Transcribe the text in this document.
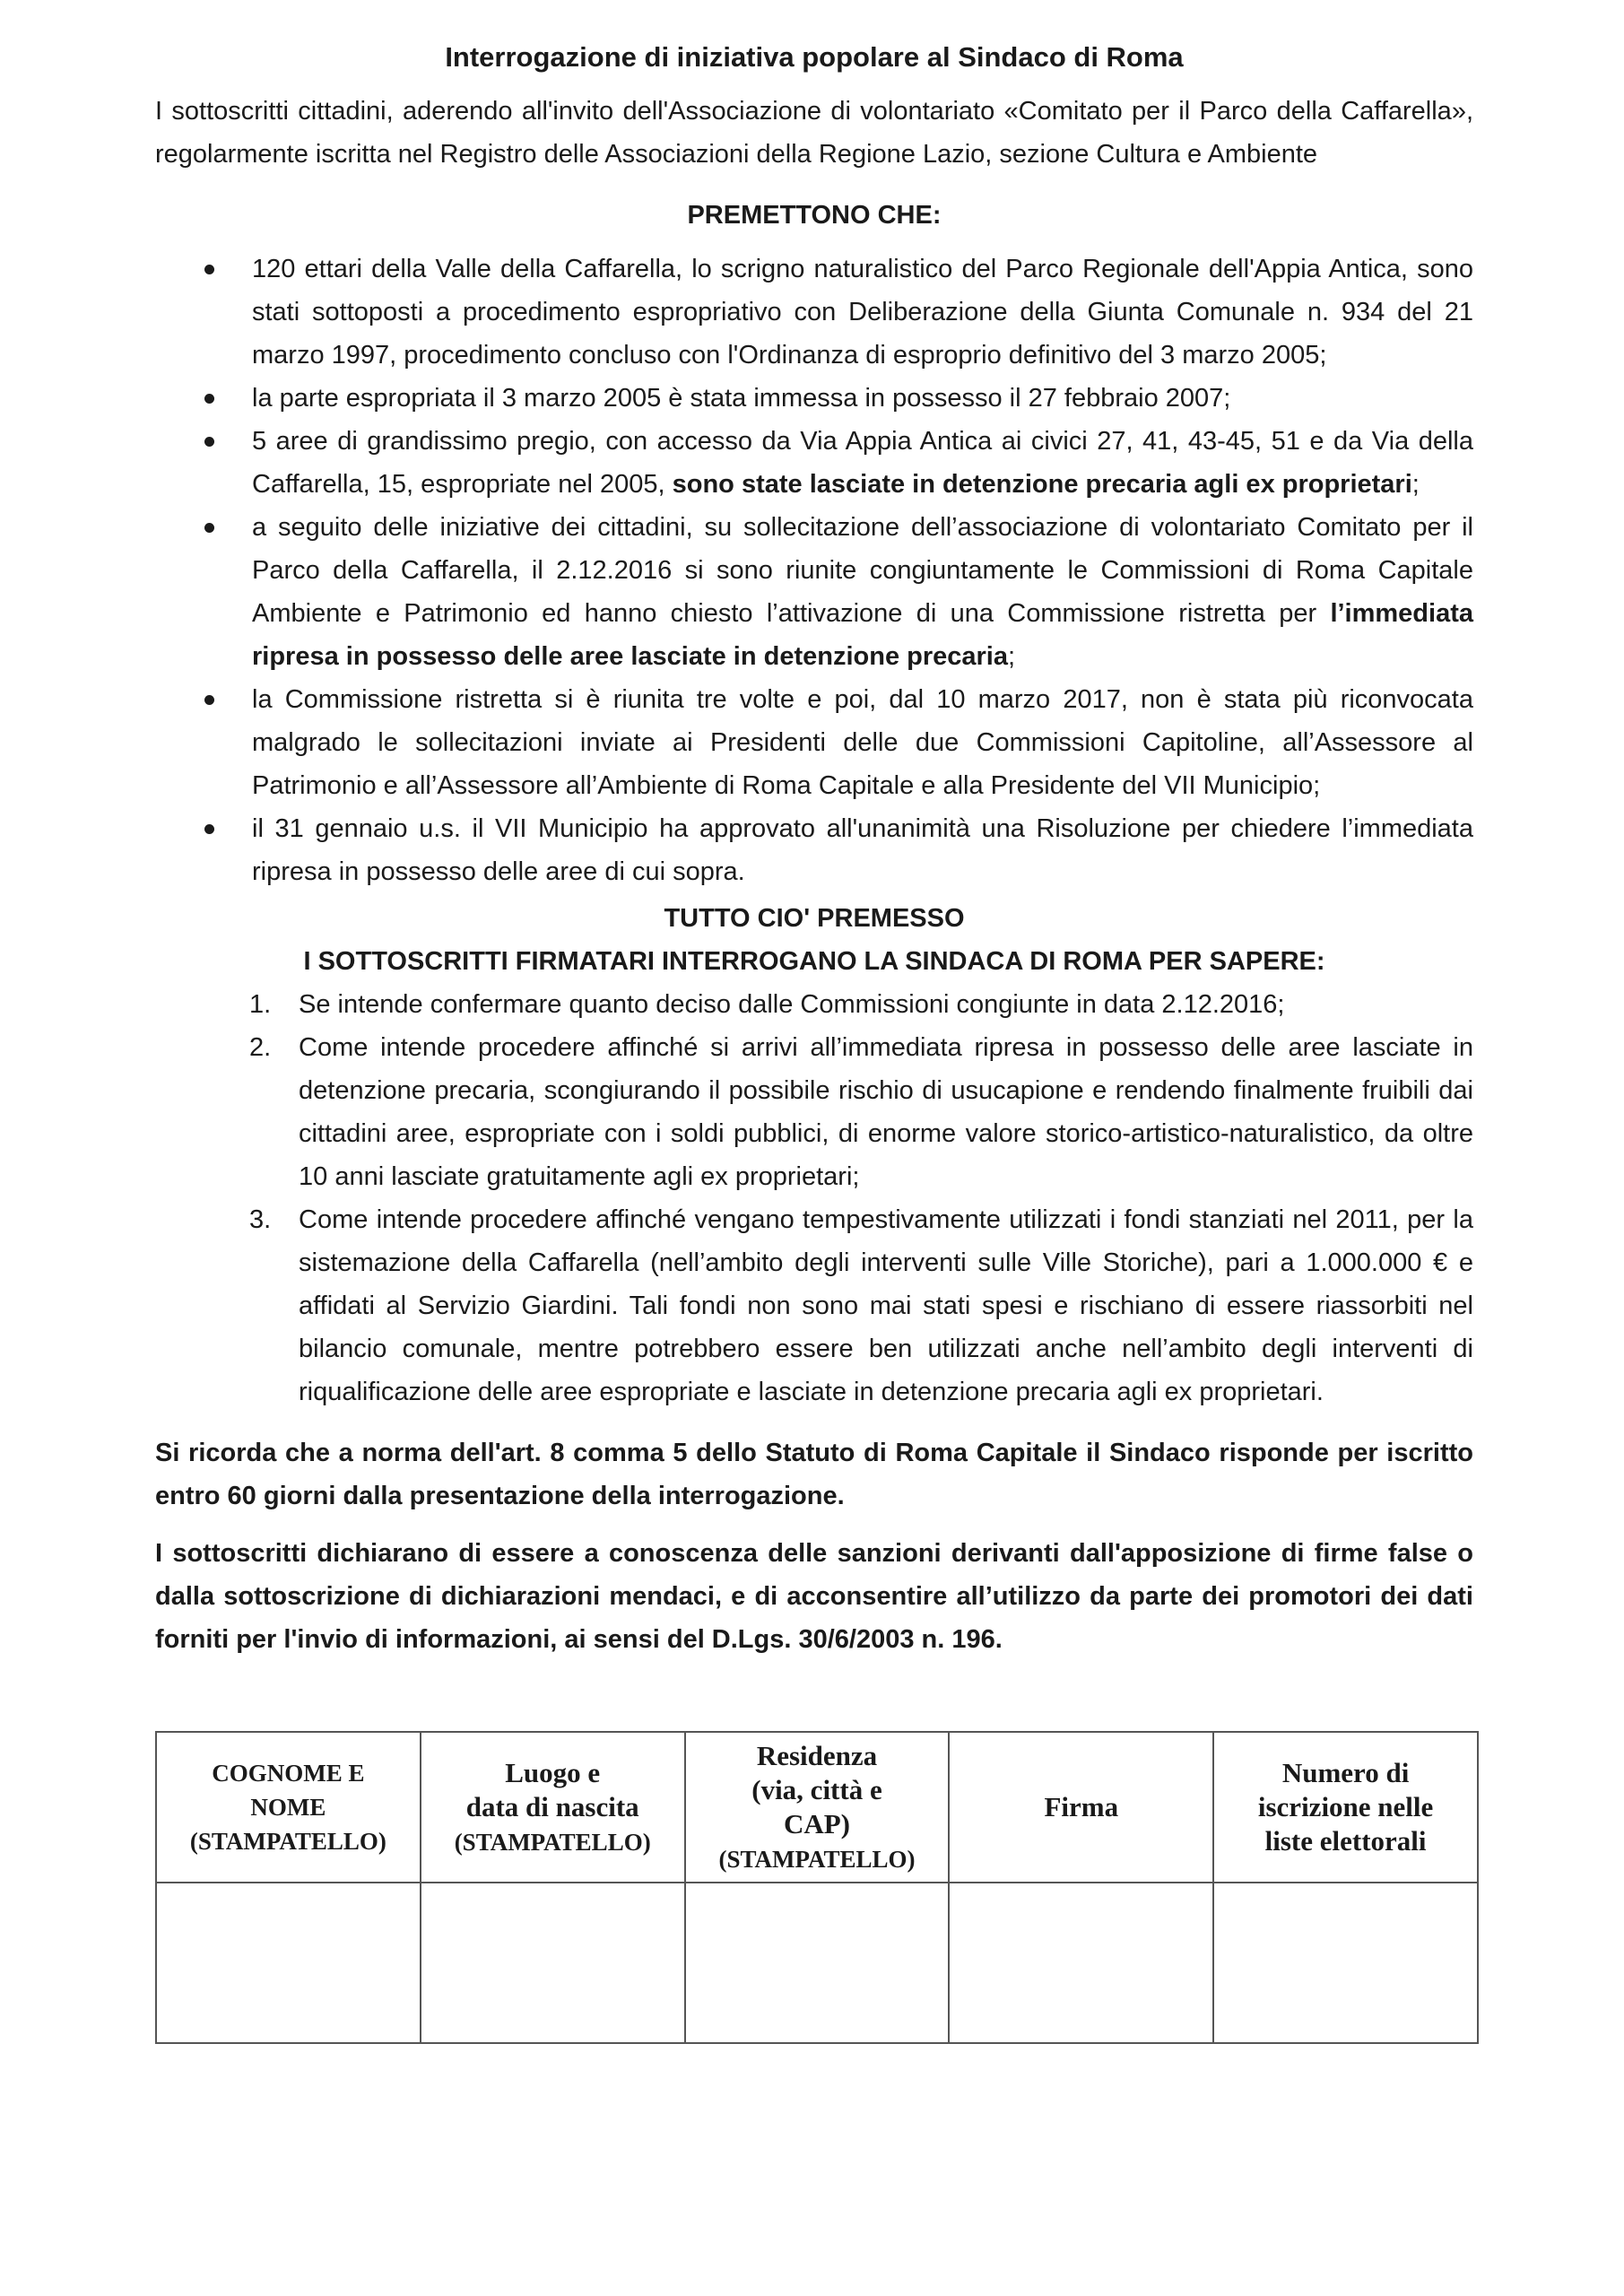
Interrogazione di iniziativa popolare al Sindaco di Roma

I sottoscritti cittadini, aderendo all'invito dell'Associazione di volontariato «Comitato per il Parco della Caffarella», regolarmente iscritta nel Registro delle Associazioni della Regione Lazio, sezione Cultura e Ambiente

PREMETTONO CHE:

120 ettari della Valle della Caffarella, lo scrigno naturalistico del Parco Regionale dell'Appia Antica, sono stati sottoposti a procedimento espropriativo con Deliberazione della Giunta Comunale n. 934 del 21 marzo 1997, procedimento concluso con l'Ordinanza di esproprio definitivo del 3 marzo 2005;
la parte espropriata il 3 marzo 2005 è stata immessa in possesso il 27 febbraio 2007;
5 aree di grandissimo pregio, con accesso da Via Appia Antica ai civici 27, 41, 43-45, 51 e da Via della Caffarella, 15, espropriate nel 2005, sono state lasciate in detenzione precaria agli ex proprietari;
a seguito delle iniziative dei cittadini, su sollecitazione dell’associazione di volontariato Comitato per il Parco della Caffarella, il 2.12.2016 si sono riunite congiuntamente le Commissioni di Roma Capitale Ambiente e Patrimonio ed hanno chiesto l’attivazione di una Commissione ristretta per l’immediata ripresa in possesso delle aree lasciate in detenzione precaria;
la Commissione ristretta si è riunita tre volte e poi, dal 10 marzo 2017, non è stata più riconvocata malgrado le sollecitazioni inviate ai Presidenti delle due Commissioni Capitoline, all’Assessore al Patrimonio e all’Assessore all’Ambiente di Roma Capitale e alla Presidente del VII Municipio;
il 31 gennaio u.s. il VII Municipio ha approvato all'unanimità una Risoluzione per chiedere l’immediata ripresa in possesso delle aree di cui sopra.

TUTTO CIO' PREMESSO

I SOTTOSCRITTI FIRMATARI INTERROGANO LA SINDACA DI ROMA PER SAPERE:

1. Se intende confermare quanto deciso dalle Commissioni congiunte in data 2.12.2016;
2. Come intende procedere affinché si arrivi all’immediata ripresa in possesso delle aree lasciate in detenzione precaria, scongiurando il possibile rischio di usucapione e rendendo finalmente fruibili dai cittadini aree, espropriate con i soldi pubblici, di enorme valore storico-artistico-naturalistico, da oltre 10 anni lasciate gratuitamente agli ex proprietari;
3. Come intende procedere affinché vengano tempestivamente utilizzati i fondi stanziati nel 2011, per la sistemazione della Caffarella (nell’ambito degli interventi sulle Ville Storiche), pari a 1.000.000 € e affidati al Servizio Giardini. Tali fondi non sono mai stati spesi e rischiano di essere riassorbiti nel bilancio comunale, mentre potrebbero essere ben utilizzati anche nell’ambito degli interventi di riqualificazione delle aree espropriate e lasciate in detenzione precaria agli ex proprietari.

Si ricorda che a norma dell'art. 8 comma 5 dello Statuto di Roma Capitale il Sindaco risponde per iscritto entro 60 giorni dalla presentazione della interrogazione.

I sottoscritti dichiarano di essere a conoscenza delle sanzioni derivanti dall'apposizione di firme false o dalla sottoscrizione di dichiarazioni mendaci, e di acconsentire all’utilizzo da parte dei promotori dei dati forniti per l'invio di informazioni, ai sensi del D.Lgs. 30/6/2003 n. 196.

COGNOME E
NOME
(STAMPATELLO)	Luogo e
data di nascita
(STAMPATELLO)	Residenza
(via, città e
CAP)
(STAMPATELLO)	Firma	Numero di
iscrizione nelle
liste elettorali
